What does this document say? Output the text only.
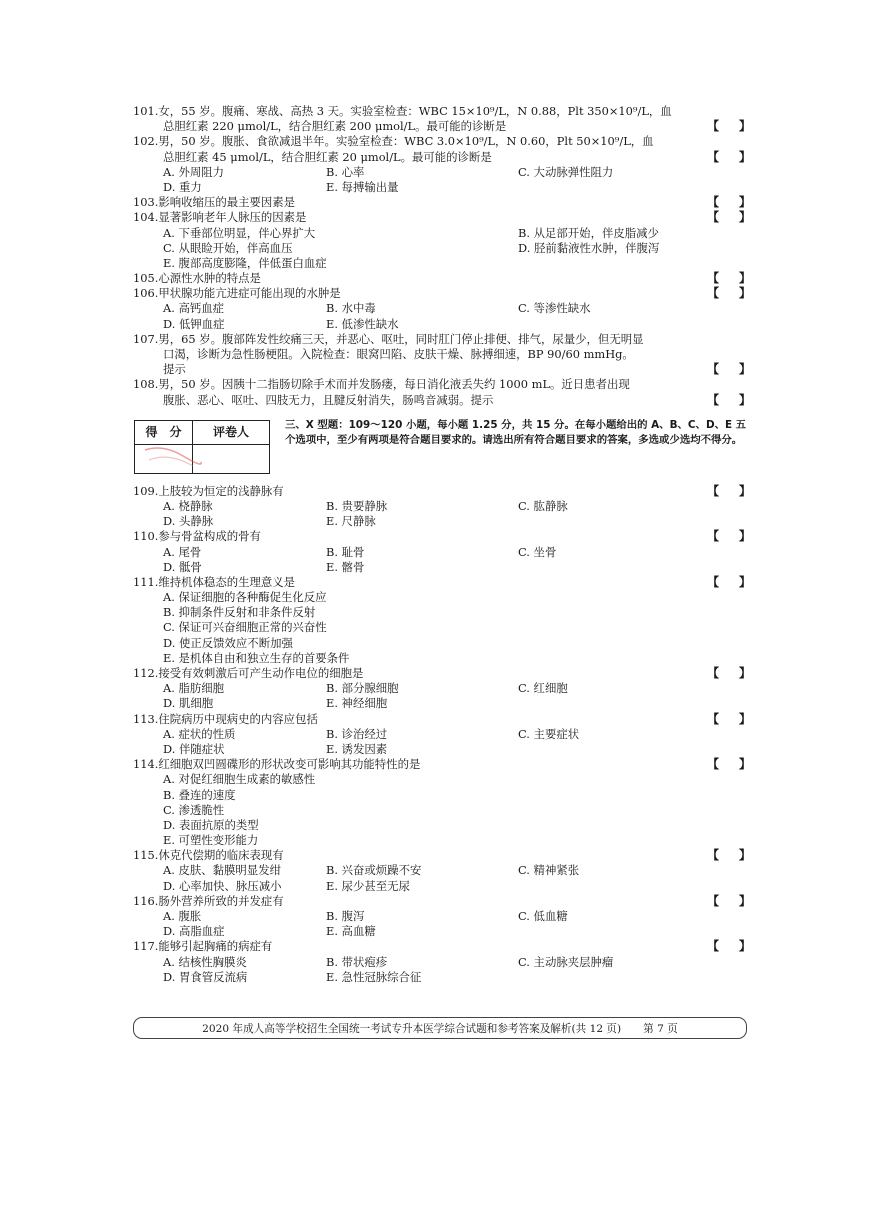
101.女，55 岁。腹痛、寒战、高热 3 天。实验室检查：WBC 15×10⁹/L，N 0.88，Plt 350×10⁹/L，血
总胆红素 220 μmol/L，结合胆红素 200 μmol/L。最可能的诊断是	【 】
102.男，50 岁。腹胀、食欲减退半年。实验室检查：WBC 3.0×10⁹/L，N 0.60，Plt 50×10⁹/L，血
总胆红素 45 μmol/L，结合胆红素 20 μmol/L。最可能的诊断是	【 】
A. 外周阻力	B. 心率	C. 大动脉弹性阻力
D. 重力	E. 每搏输出量
103.影响收缩压的最主要因素是	【 】
104.显著影响老年人脉压的因素是	【 】
A. 下垂部位明显，伴心界扩大	B. 从足部开始，伴皮脂减少
C. 从眼睑开始，伴高血压	D. 胫前黏液性水肿，伴腹泻
E. 腹部高度膨隆，伴低蛋白血症
105.心源性水肿的特点是	【 】
106.甲状腺功能亢进症可能出现的水肿是	【 】
A. 高钙血症	B. 水中毒	C. 等渗性缺水
D. 低钾血症	E. 低渗性缺水
107.男，65 岁。腹部阵发性绞痛三天，并恶心、呕吐，同时肛门停止排便、排气，尿量少，但无明显
口渴，诊断为急性肠梗阻。入院检查：眼窝凹陷、皮肤干燥、脉搏细速，BP 90/60 mmHg。
提示	【 】
108.男，50 岁。因胰十二指肠切除手术而并发肠瘘，每日消化液丢失约 1000 mL。近日患者出现
腹胀、恶心、呕吐、四肢无力，且腱反射消失，肠鸣音减弱。提示	【 】
得　分	评卷人	三、X 型题：109～120 小题，每小题 1.25 分，共 15 分。在每小题给出的 A、B、C、D、E 五个选项中，至少有两项是符合题目要求的。请选出所有符合题目要求的答案，多选或少选均不得分。
109.上肢较为恒定的浅静脉有	【 】
A. 桡静脉	B. 贵要静脉	C. 肱静脉
D. 头静脉	E. 尺静脉
110.参与骨盆构成的骨有	【 】
A. 尾骨	B. 耻骨	C. 坐骨
D. 骶骨	E. 髂骨
111.维持机体稳态的生理意义是	【 】
A. 保证细胞的各种酶促生化反应
B. 抑制条件反射和非条件反射
C. 保证可兴奋细胞正常的兴奋性
D. 使正反馈效应不断加强
E. 是机体自由和独立生存的首要条件
112.接受有效刺激后可产生动作电位的细胞是	【 】
A. 脂肪细胞	B. 部分腺细胞	C. 红细胞
D. 肌细胞	E. 神经细胞
113.住院病历中现病史的内容应包括	【 】
A. 症状的性质	B. 诊治经过	C. 主要症状
D. 伴随症状	E. 诱发因素
114.红细胞双凹圆碟形的形状改变可影响其功能特性的是	【 】
A. 对促红细胞生成素的敏感性
B. 叠连的速度
C. 渗透脆性
D. 表面抗原的类型
E. 可塑性变形能力
115.休克代偿期的临床表现有	【 】
A. 皮肤、黏膜明显发绀	B. 兴奋或烦躁不安	C. 精神紧张
D. 心率加快、脉压减小	E. 尿少甚至无尿
116.肠外营养所致的并发症有	【 】
A. 腹胀	B. 腹泻	C. 低血糖
D. 高脂血症	E. 高血糖
117.能够引起胸痛的病症有	【 】
A. 结核性胸膜炎	B. 带状疱疹	C. 主动脉夹层肿瘤
D. 胃食管反流病	E. 急性冠脉综合征
2020 年成人高等学校招生全国统一考试专升本医学综合试题和参考答案及解析(共 12 页) 第 7 页
